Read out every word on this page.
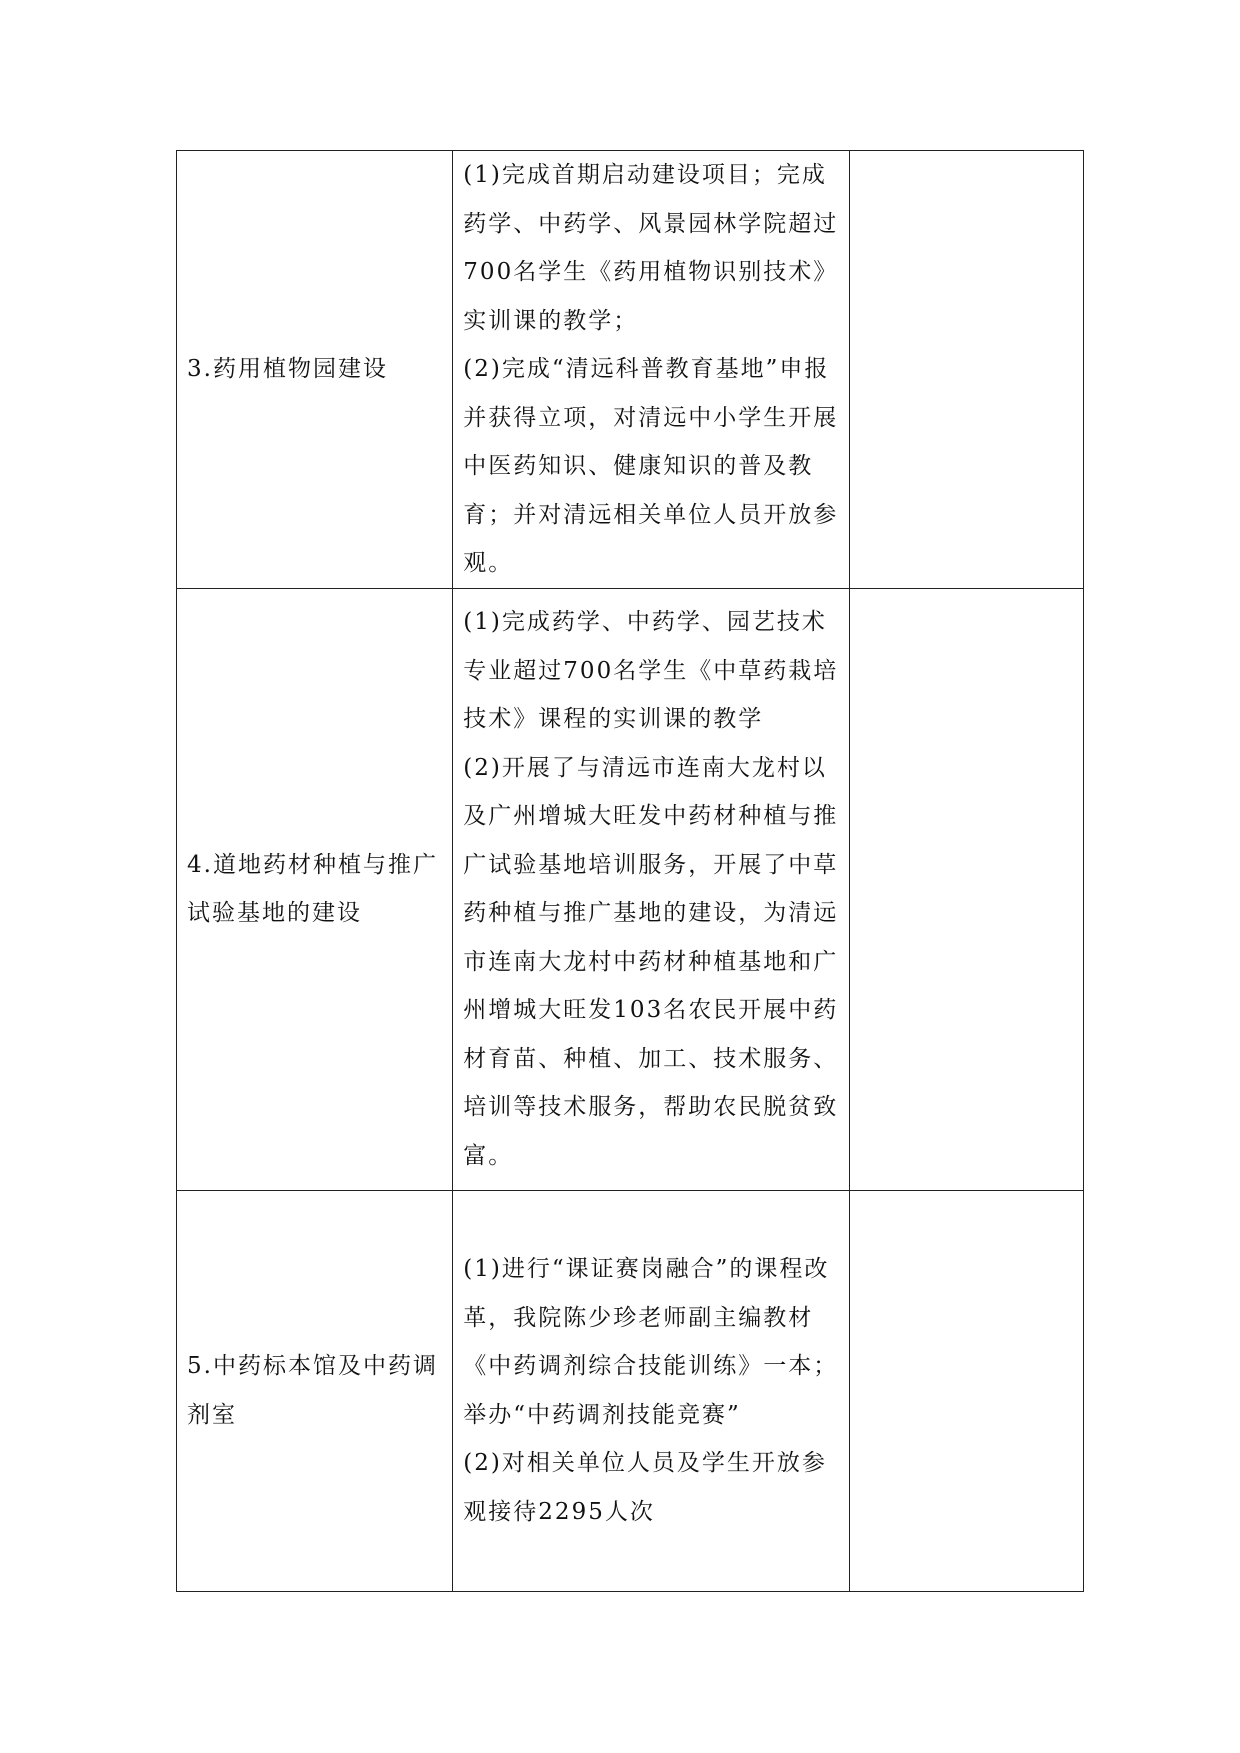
3.药用植物园建设	(1)完成首期启动建设项目；完成药学、中药学、风景园林学院超过700名学生《药用植物识别技术》实训课的教学；
(2)完成“清远科普教育基地”申报并获得立项，对清远中小学生开展中医药知识、健康知识的普及教育；并对清远相关单位人员开放参观。	

4.道地药材种植与推广试验基地的建设	(1)完成药学、中药学、园艺技术专业超过700名学生《中草药栽培技术》课程的实训课的教学
(2)开展了与清远市连南大龙村以及广州增城大旺发中药材种植与推广试验基地培训服务，开展了中草药种植与推广基地的建设，为清远市连南大龙村中药材种植基地和广州增城大旺发103名农民开展中药材育苗、种植、加工、技术服务、培训等技术服务，帮助农民脱贫致富。	

5.中药标本馆及中药调剂室	(1)进行“课证赛岗融合”的课程改革，我院陈少珍老师副主编教材《中药调剂综合技能训练》一本；举办“中药调剂技能竞赛”
(2)对相关单位人员及学生开放参观接待2295人次	
